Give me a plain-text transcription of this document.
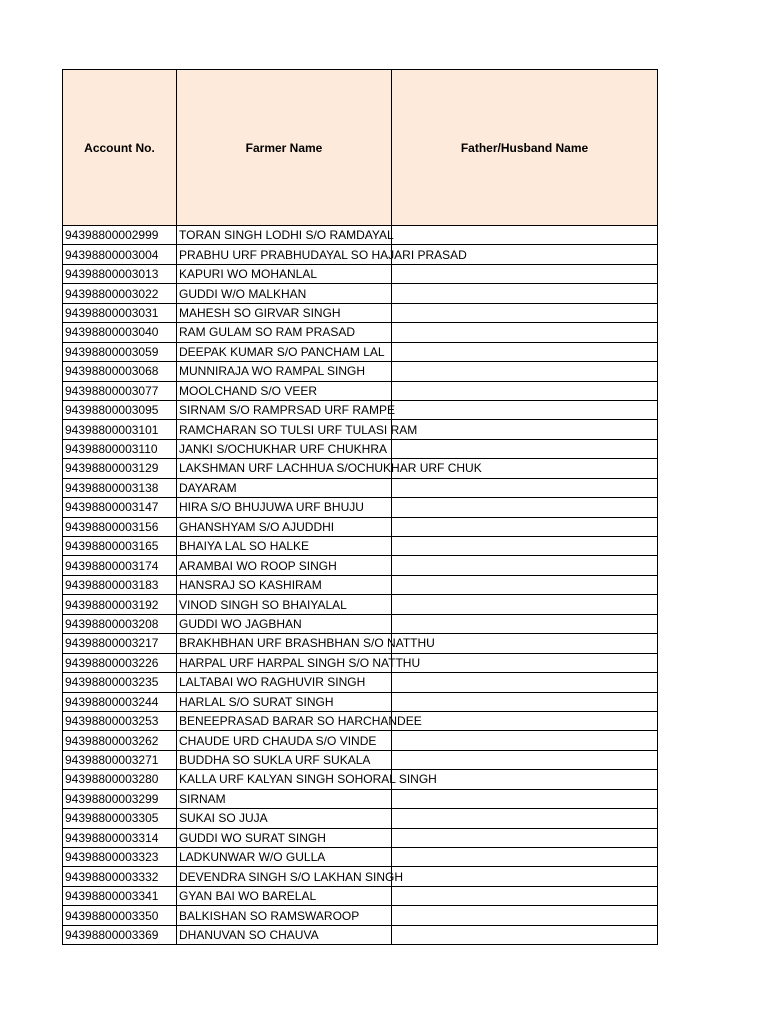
Account No.	Farmer Name	Father/Husband Name
94398800002999	TORAN SINGH LODHI S/O RAMDAYAL	
94398800003004	PRABHU URF PRABHUDAYAL SO HAJARI PRASAD	
94398800003013	KAPURI WO MOHANLAL	
94398800003022	GUDDI W/O MALKHAN	
94398800003031	MAHESH SO GIRVAR SINGH	
94398800003040	RAM GULAM SO RAM PRASAD	
94398800003059	DEEPAK KUMAR S/O PANCHAM LAL	
94398800003068	MUNNIRAJA WO RAMPAL SINGH	
94398800003077	MOOLCHAND S/O VEER	
94398800003095	SIRNAM S/O RAMPRSAD URF RAMPE	
94398800003101	RAMCHARAN SO TULSI URF TULASI RAM	
94398800003110	JANKI S/OCHUKHAR URF CHUKHRA	
94398800003129	LAKSHMAN URF LACHHUA S/OCHUKHAR URF CHUK	
94398800003138	DAYARAM	
94398800003147	HIRA S/O BHUJUWA URF BHUJU	
94398800003156	GHANSHYAM S/O AJUDDHI	
94398800003165	BHAIYA LAL SO HALKE	
94398800003174	ARAMBAI WO ROOP SINGH	
94398800003183	HANSRAJ SO KASHIRAM	
94398800003192	VINOD SINGH SO BHAIYALAL	
94398800003208	GUDDI WO JAGBHAN	
94398800003217	BRAKHBHAN URF BRASHBHAN S/O NATTHU	
94398800003226	HARPAL URF HARPAL SINGH S/O NATTHU	
94398800003235	LALTABAI WO RAGHUVIR SINGH	
94398800003244	HARLAL S/O SURAT SINGH	
94398800003253	BENEEPRASAD BARAR SO HARCHANDEE	
94398800003262	CHAUDE URD CHAUDA S/O VINDE	
94398800003271	BUDDHA SO SUKLA URF SUKALA	
94398800003280	KALLA URF KALYAN SINGH SOHORAL SINGH	
94398800003299	SIRNAM	
94398800003305	SUKAI SO JUJA	
94398800003314	GUDDI WO SURAT SINGH	
94398800003323	LADKUNWAR W/O GULLA	
94398800003332	DEVENDRA SINGH S/O LAKHAN SINGH	
94398800003341	GYAN BAI WO BARELAL	
94398800003350	BALKISHAN SO RAMSWAROOP	
94398800003369	DHANUVAN SO CHAUVA	
